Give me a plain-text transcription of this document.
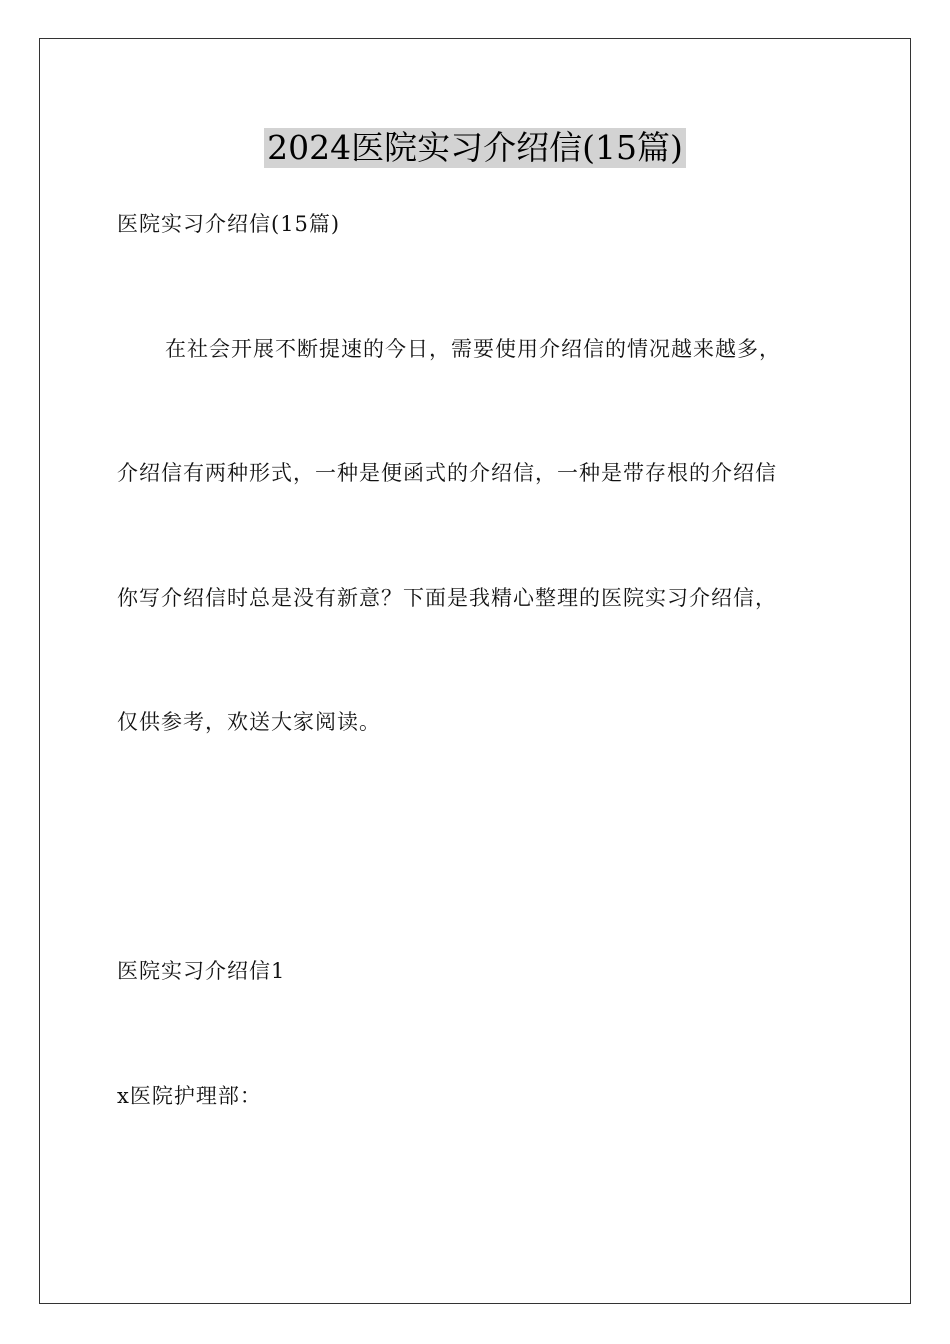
2024医院实习介绍信(15篇)
医院实习介绍信(15篇)
在社会开展不断提速的今日，需要使用介绍信的情况越来越多，
介绍信有两种形式，一种是便函式的介绍信，一种是带存根的介绍信
你写介绍信时总是没有新意？下面是我精心整理的医院实习介绍信，
仅供参考，欢送大家阅读。
医院实习介绍信1
x医院护理部：
